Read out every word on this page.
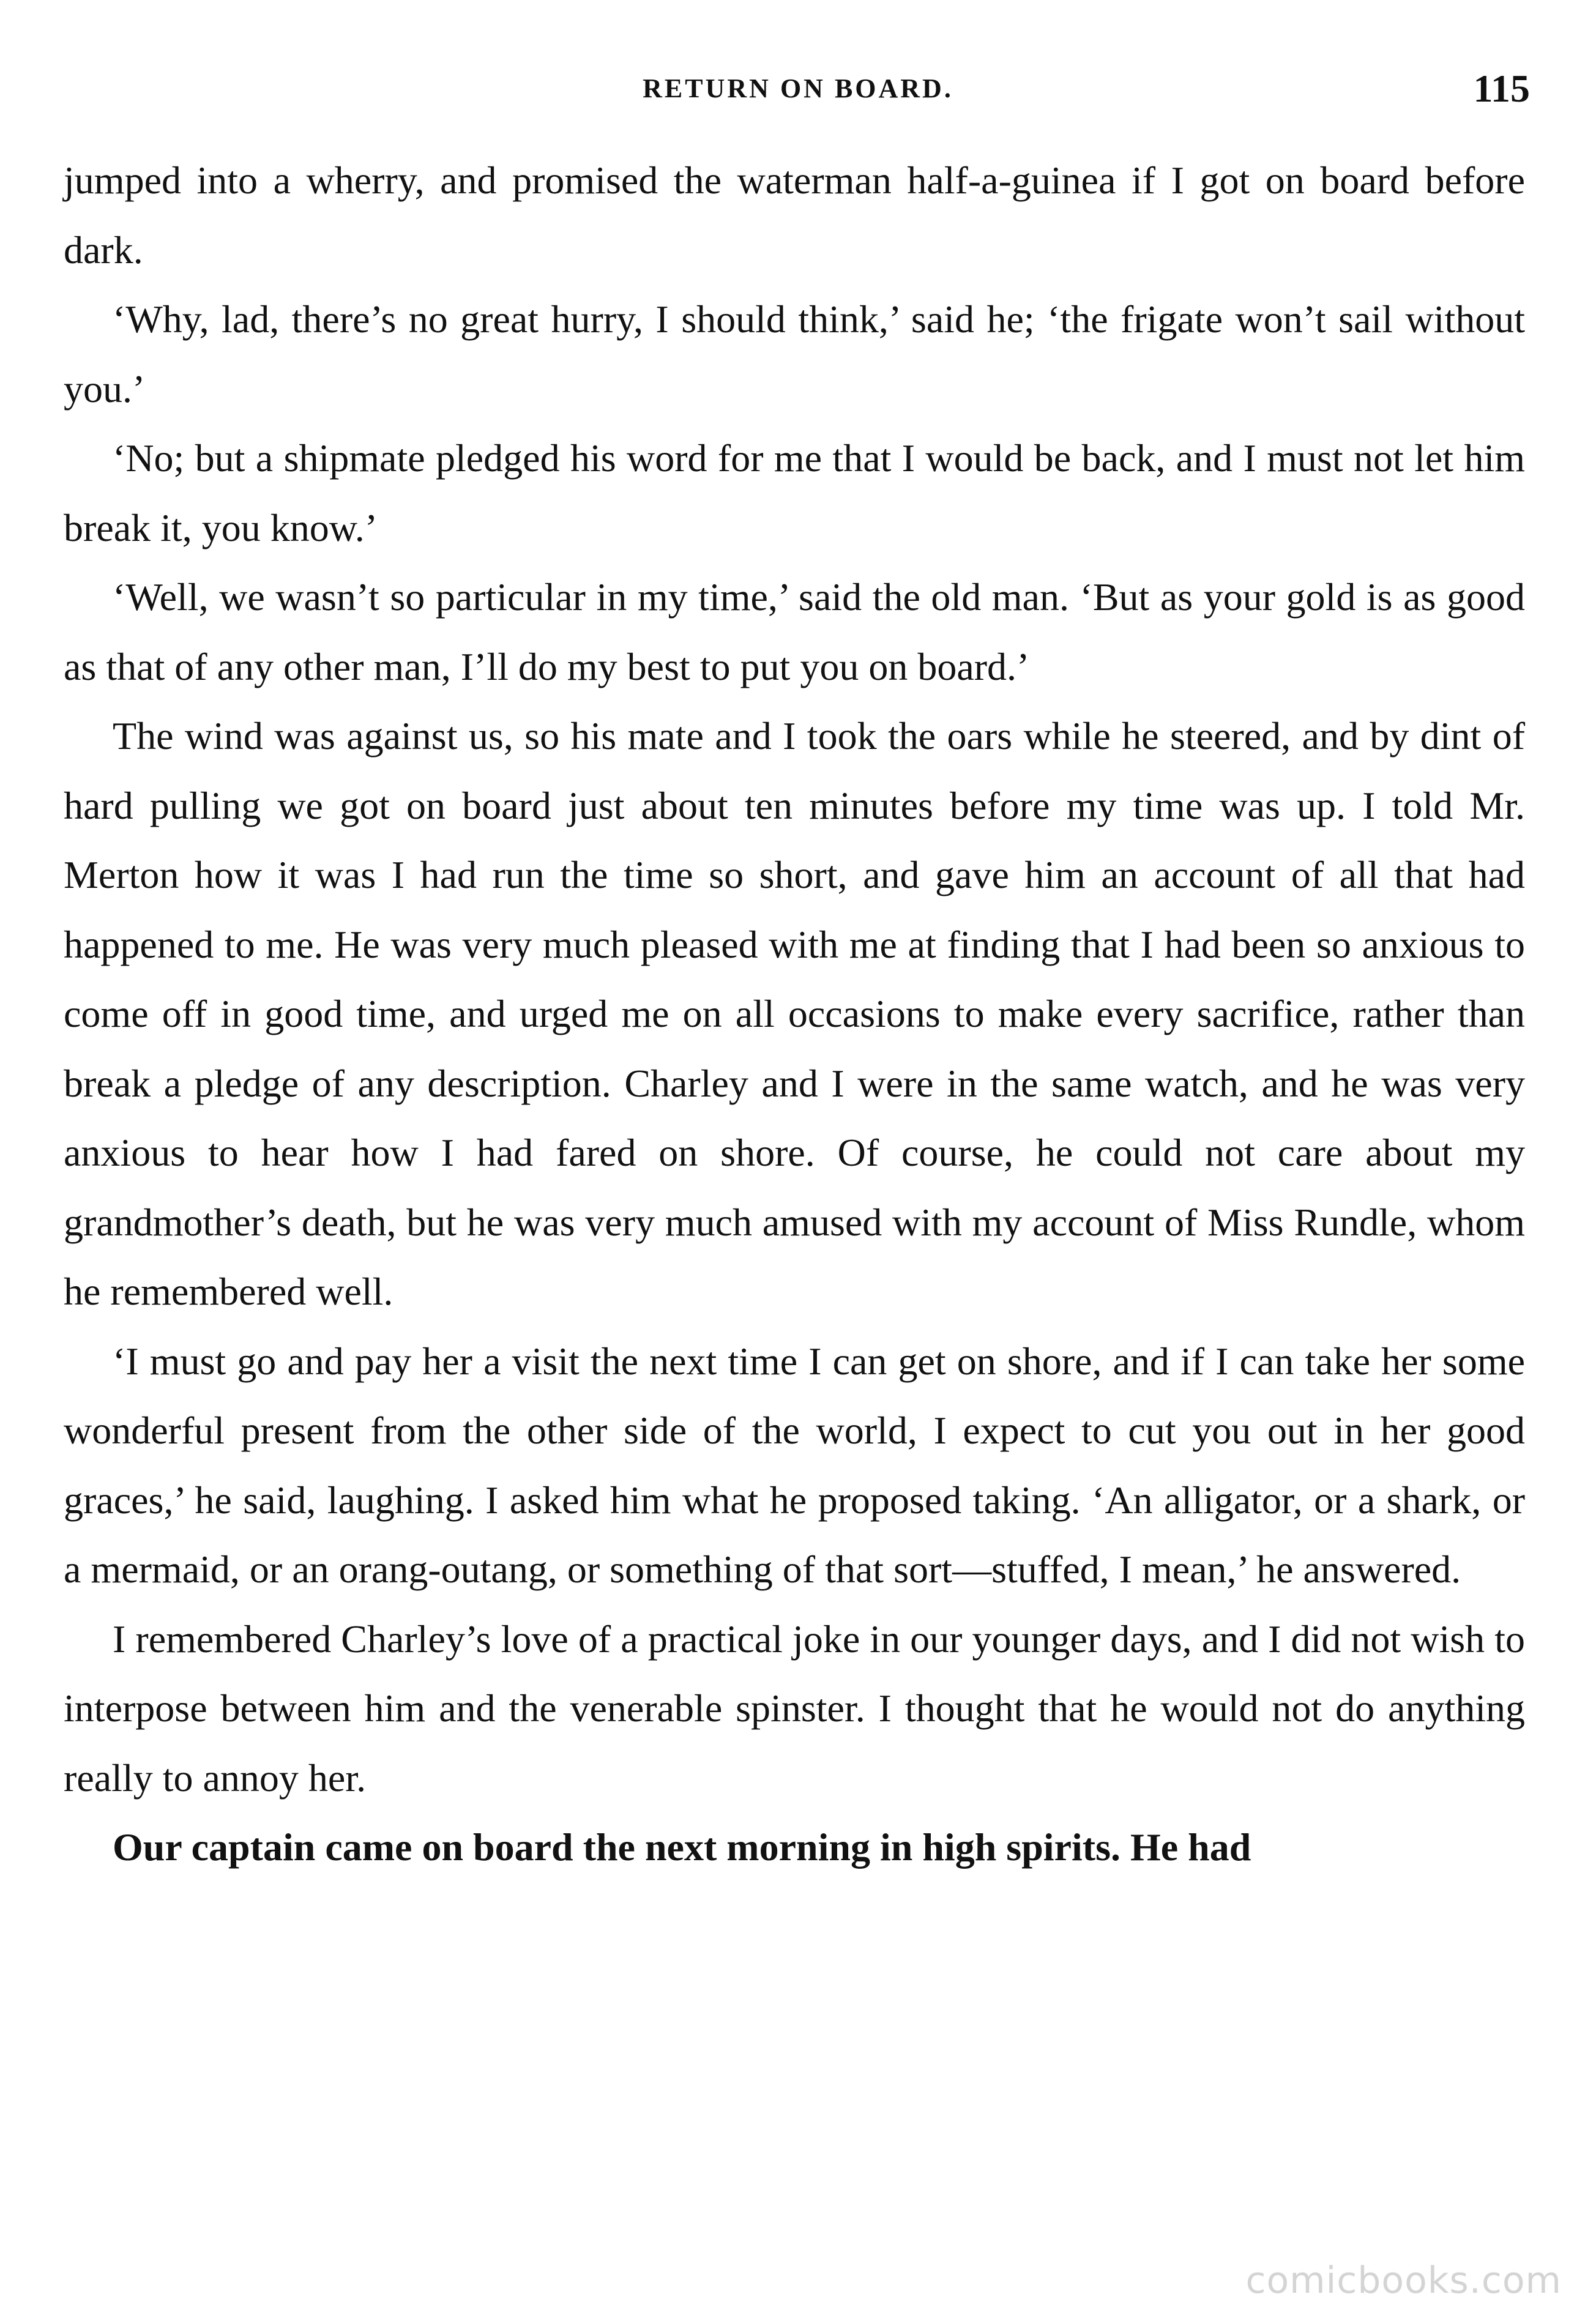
RETURN ON BOARD.	115

jumped into a wherry, and promised the waterman half-a-guinea if I got on board before dark.

‘Why, lad, there’s no great hurry, I should think,’ said he; ‘the frigate won’t sail without you.’

‘No; but a shipmate pledged his word for me that I would be back, and I must not let him break it, you know.’

‘Well, we wasn’t so particular in my time,’ said the old man. ‘But as your gold is as good as that of any other man, I’ll do my best to put you on board.’

The wind was against us, so his mate and I took the oars while he steered, and by dint of hard pulling we got on board just about ten minutes before my time was up. I told Mr. Merton how it was I had run the time so short, and gave him an account of all that had happened to me. He was very much pleased with me at finding that I had been so anxious to come off in good time, and urged me on all occasions to make every sacrifice, rather than break a pledge of any description. Charley and I were in the same watch, and he was very anxious to hear how I had fared on shore. Of course, he could not care about my grandmother’s death, but he was very much amused with my account of Miss Rundle, whom he remembered well.

‘I must go and pay her a visit the next time I can get on shore, and if I can take her some wonderful present from the other side of the world, I expect to cut you out in her good graces,’ he said, laughing. I asked him what he proposed taking. ‘An alligator, or a shark, or a mermaid, or an orang-outang, or something of that sort—stuffed, I mean,’ he answered.

I remembered Charley’s love of a practical joke in our younger days, and I did not wish to interpose between him and the venerable spinster. I thought that he would not do anything really to annoy her.

Our captain came on board the next morning in high spirits. He had

comicbooks.com
